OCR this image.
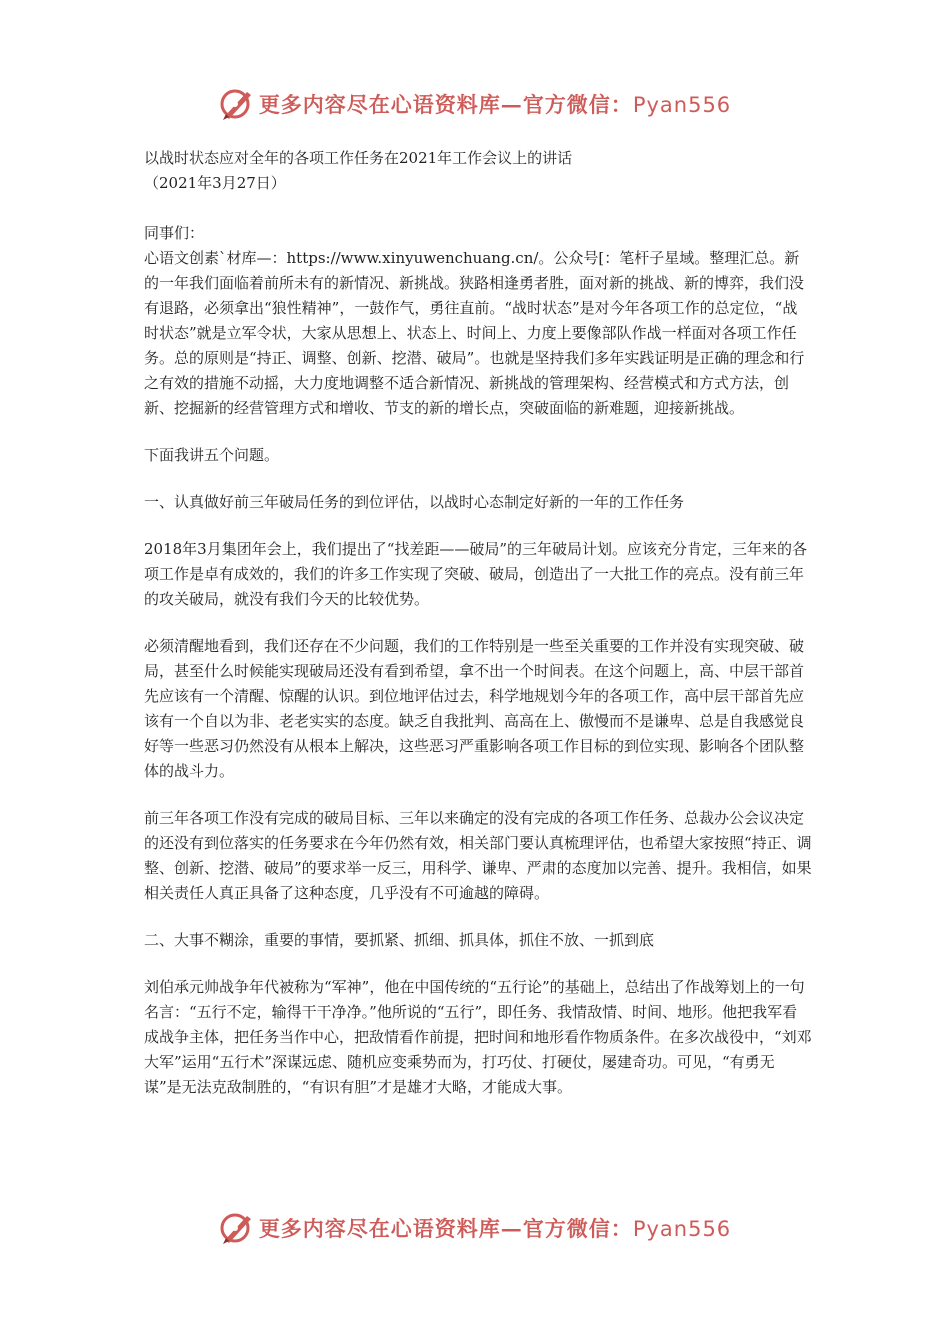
更多内容尽在心语资料库—官方微信：Pyan556

以战时状态应对全年的各项工作任务在2021年工作会议上的讲话

（2021年3月27日）

同事们：

心语文创素`材库—：https://www.xinyuwenchuang.cn/。公众号[：笔杆子星域。整理汇总。新的一年我们面临着前所未有的新情况、新挑战。狭路相逢勇者胜，面对新的挑战、新的博弈，我们没有退路，必须拿出“狼性精神”，一鼓作气，勇往直前。“战时状态”是对今年各项工作的总定位，“战时状态”就是立军令状，大家从思想上、状态上、时间上、力度上要像部队作战一样面对各项工作任务。总的原则是“持正、调整、创新、挖潜、破局”。也就是坚持我们多年实践证明是正确的理念和行之有效的措施不动摇，大力度地调整不适合新情况、新挑战的管理架构、经营模式和方式方法，创新、挖掘新的经营管理方式和增收、节支的新的增长点，突破面临的新难题，迎接新挑战。

下面我讲五个问题。

一、认真做好前三年破局任务的到位评估，以战时心态制定好新的一年的工作任务

2018年3月集团年会上，我们提出了“找差距——破局”的三年破局计划。应该充分肯定，三年来的各项工作是卓有成效的，我们的许多工作实现了突破、破局，创造出了一大批工作的亮点。没有前三年的攻关破局，就没有我们今天的比较优势。

必须清醒地看到，我们还存在不少问题，我们的工作特别是一些至关重要的工作并没有实现突破、破局，甚至什么时候能实现破局还没有看到希望，拿不出一个时间表。在这个问题上，高、中层干部首先应该有一个清醒、惊醒的认识。到位地评估过去，科学地规划今年的各项工作，高中层干部首先应该有一个自以为非、老老实实的态度。缺乏自我批判、高高在上、傲慢而不是谦卑、总是自我感觉良好等一些恶习仍然没有从根本上解决，这些恶习严重影响各项工作目标的到位实现、影响各个团队整体的战斗力。

前三年各项工作没有完成的破局目标、三年以来确定的没有完成的各项工作任务、总裁办公会议决定的还没有到位落实的任务要求在今年仍然有效，相关部门要认真梳理评估，也希望大家按照“持正、调整、创新、挖潜、破局”的要求举一反三，用科学、谦卑、严肃的态度加以完善、提升。我相信，如果相关责任人真正具备了这种态度，几乎没有不可逾越的障碍。

二、大事不糊涂，重要的事情，要抓紧、抓细、抓具体，抓住不放、一抓到底

刘伯承元帅战争年代被称为“军神”，他在中国传统的“五行论”的基础上，总结出了作战筹划上的一句名言：“五行不定，输得干干净净。”他所说的“五行”，即任务、我情敌情、时间、地形。他把我军看成战争主体，把任务当作中心，把敌情看作前提，把时间和地形看作物质条件。在多次战役中，“刘邓大军”运用“五行术”深谋远虑、随机应变乘势而为，打巧仗、打硬仗，屡建奇功。可见，“有勇无谋”是无法克敌制胜的，“有识有胆”才是雄才大略，才能成大事。

更多内容尽在心语资料库—官方微信：Pyan556
